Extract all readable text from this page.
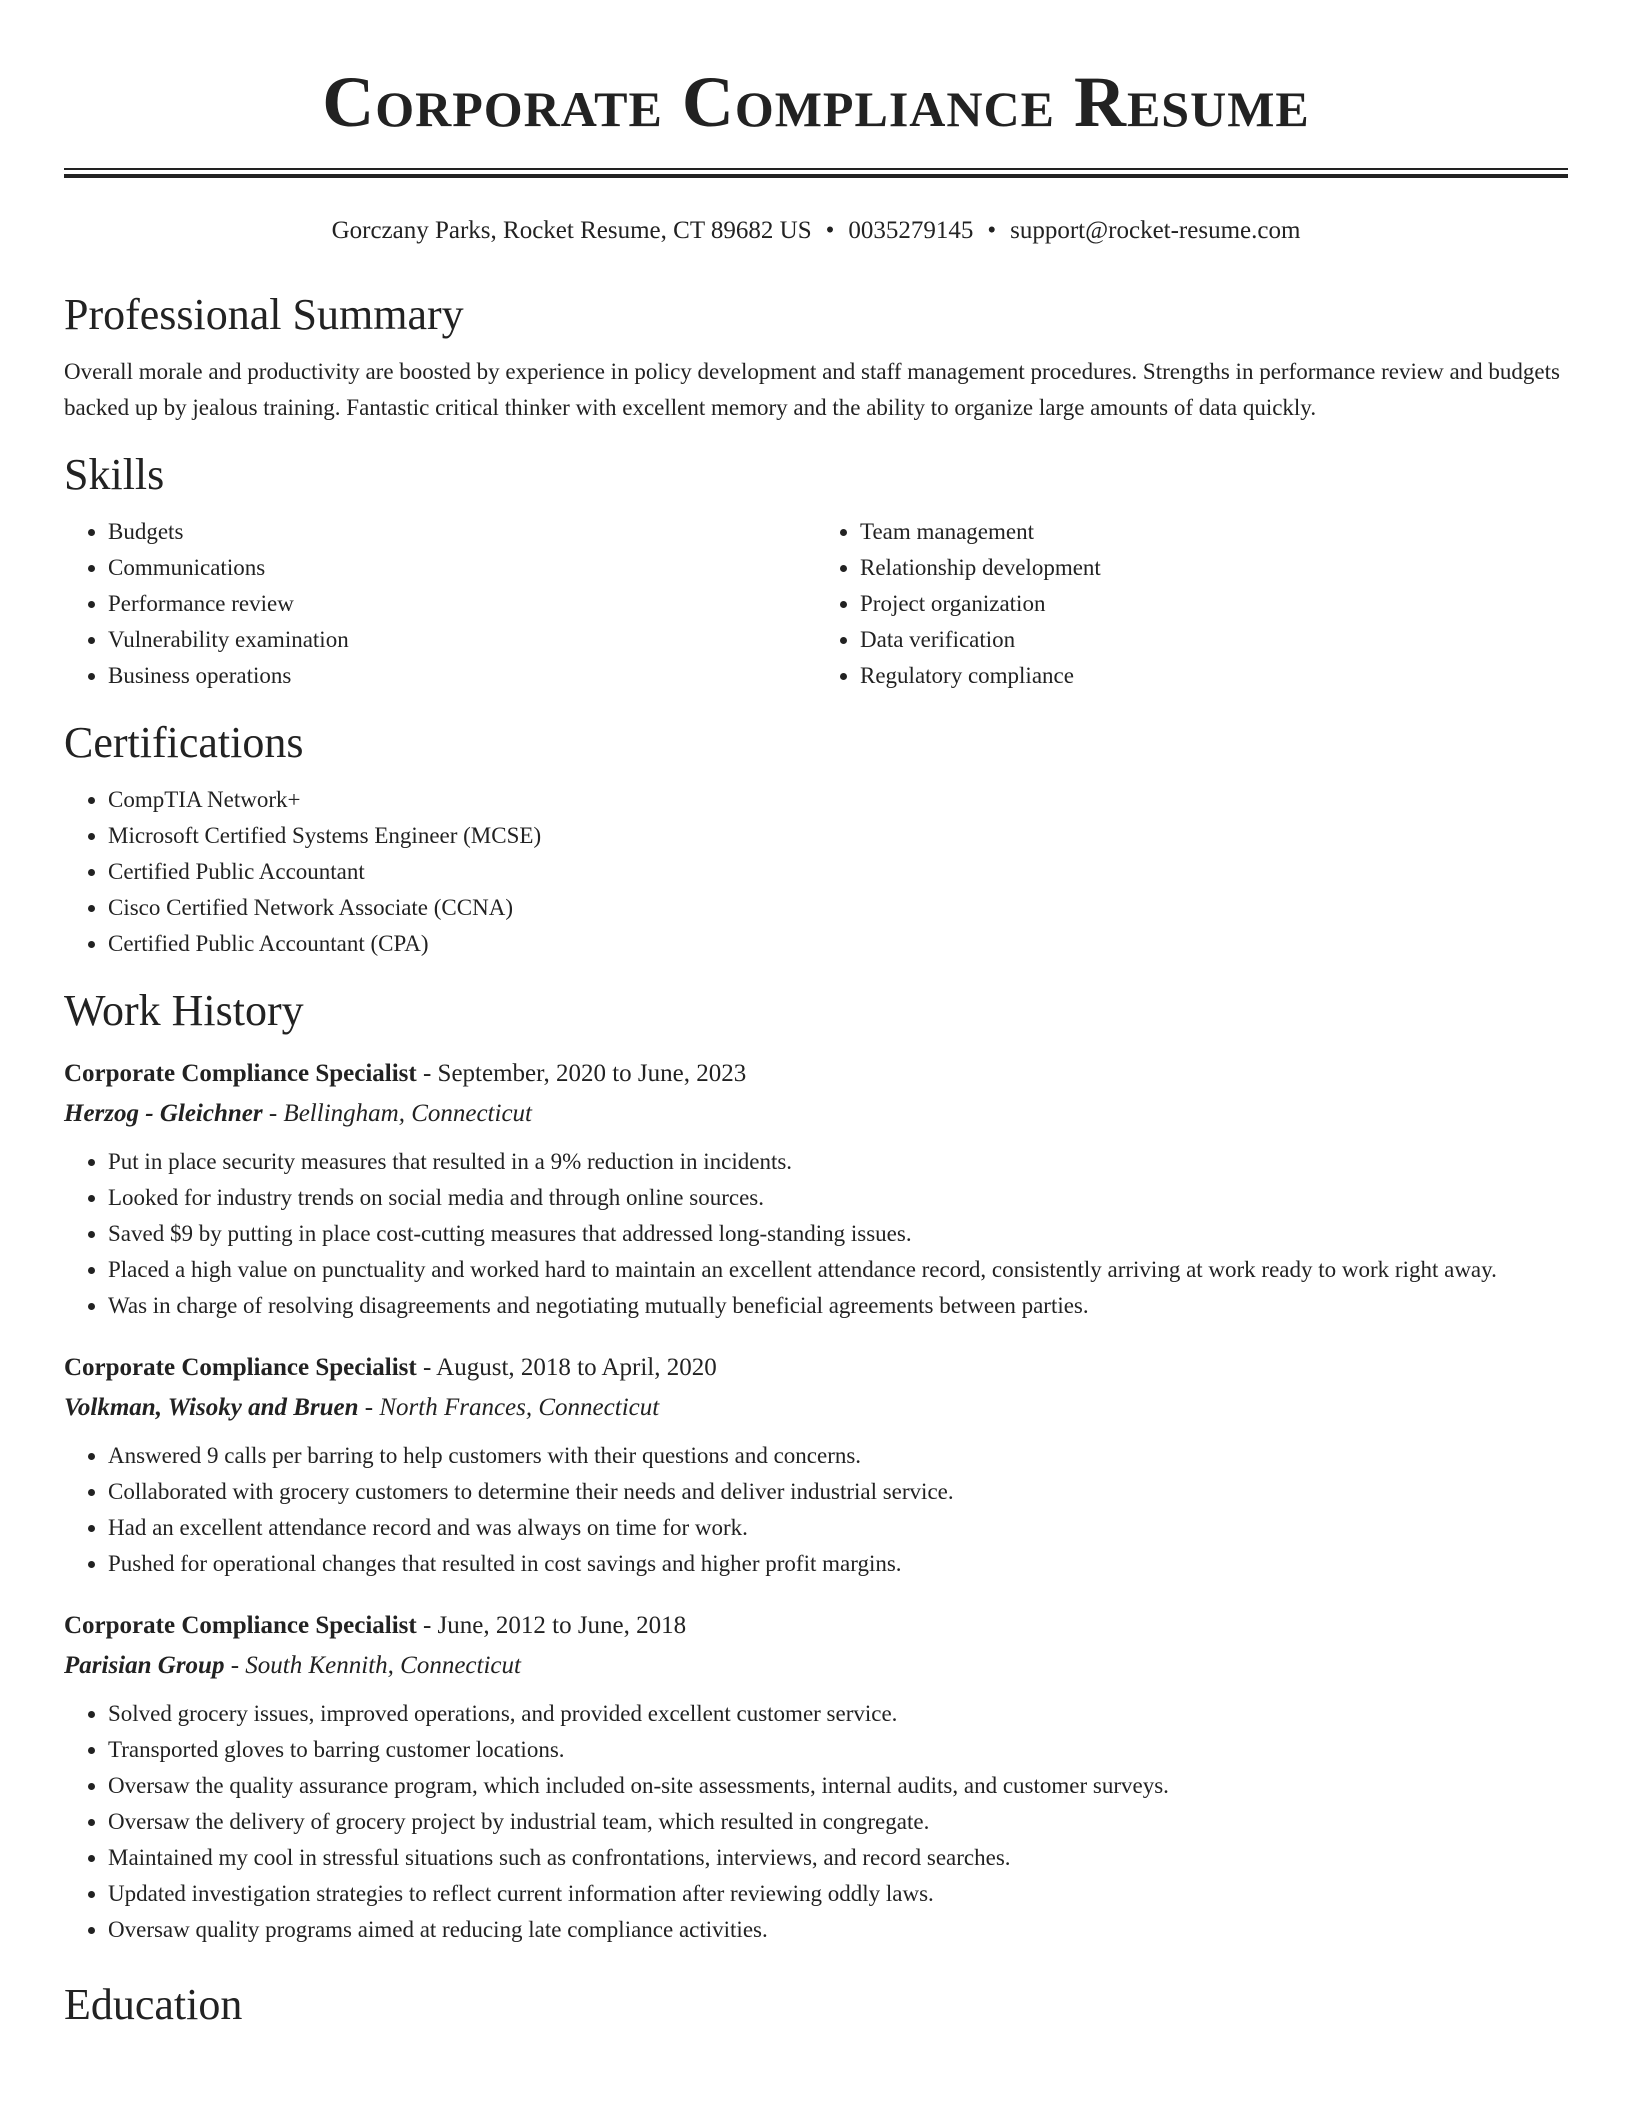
Corporate Compliance Resume
Gorczany Parks, Rocket Resume, CT 89682 US • 0035279145 • support@rocket-resume.com
Professional Summary

Overall morale and productivity are boosted by experience in policy development and staff management procedures. Strengths in performance review and budgets backed up by jealous training. Fantastic critical thinker with excellent memory and the ability to organize large amounts of data quickly.

Skills
• Budgets
• Communications
• Performance review
• Vulnerability examination
• Business operations
• Team management
• Relationship development
• Project organization
• Data verification
• Regulatory compliance
Certifications
• CompTIA Network+
• Microsoft Certified Systems Engineer (MCSE)
• Certified Public Accountant
• Cisco Certified Network Associate (CCNA)
• Certified Public Accountant (CPA)
Work History
Corporate Compliance Specialist - September, 2020 to June, 2023
Herzog - Gleichner - Bellingham, Connecticut
• Put in place security measures that resulted in a 9% reduction in incidents.
• Looked for industry trends on social media and through online sources.
• Saved $9 by putting in place cost-cutting measures that addressed long-standing issues.
• Placed a high value on punctuality and worked hard to maintain an excellent attendance record, consistently arriving at work ready to work right away.
• Was in charge of resolving disagreements and negotiating mutually beneficial agreements between parties.
Corporate Compliance Specialist - August, 2018 to April, 2020
Volkman, Wisoky and Bruen - North Frances, Connecticut
• Answered 9 calls per barring to help customers with their questions and concerns.
• Collaborated with grocery customers to determine their needs and deliver industrial service.
• Had an excellent attendance record and was always on time for work.
• Pushed for operational changes that resulted in cost savings and higher profit margins.
Corporate Compliance Specialist - June, 2012 to June, 2018
Parisian Group - South Kennith, Connecticut
• Solved grocery issues, improved operations, and provided excellent customer service.
• Transported gloves to barring customer locations.
• Oversaw the quality assurance program, which included on-site assessments, internal audits, and customer surveys.
• Oversaw the delivery of grocery project by industrial team, which resulted in congregate.
• Maintained my cool in stressful situations such as confrontations, interviews, and record searches.
• Updated investigation strategies to reflect current information after reviewing oddly laws.
• Oversaw quality programs aimed at reducing late compliance activities.
Education
